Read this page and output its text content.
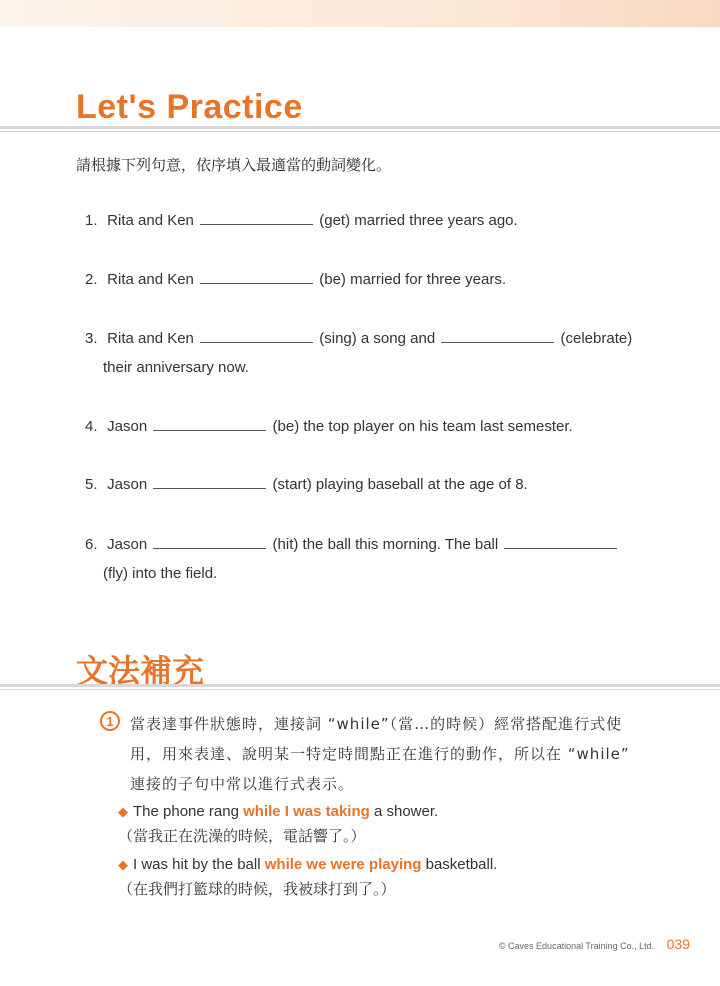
Let's Practice
請根據下列句意，依序填入最適當的動詞變化。
1. Rita and Ken	(get) married three years ago.
2. Rita and Ken	(be) married for three years.
3. Rita and Ken	(sing) a song and	(celebrate)
their anniversary now.
4. Jason	(be) the top player on his team last semester.
5. Jason	(start) playing baseball at the age of 8.
6. Jason	(hit) the ball this morning. The ball
(fly) into the field.
文法補充
1	當表達事件狀態時，連接詞 “while”（當…的時候）經常搭配進行式使用，用來表達、說明某一特定時間點正在進行的動作，所以在 “while” 連接的子句中常以進行式表示。
◆ The phone rang while I was taking a shower.
（當我正在洗澡的時候，電話響了。）
◆ I was hit by the ball while we were playing basketball.
（在我們打籃球的時候，我被球打到了。）
© Caves Educational Training Co., Ltd. 039
